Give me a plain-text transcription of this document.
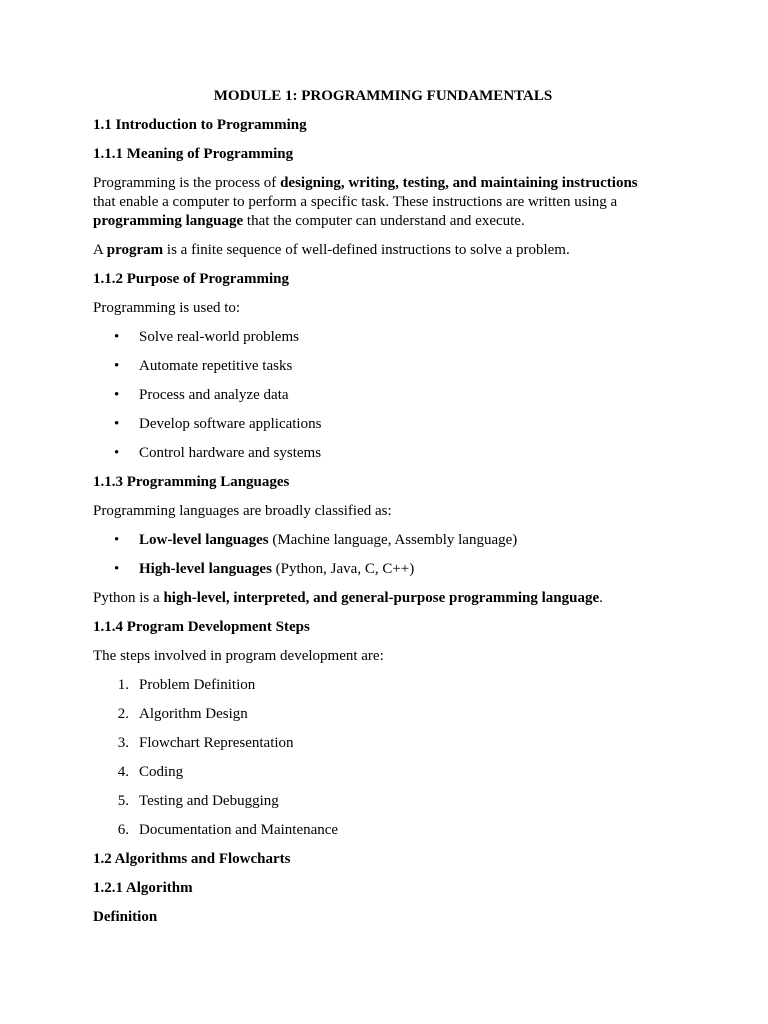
MODULE 1: PROGRAMMING FUNDAMENTALS
1.1 Introduction to Programming
1.1.1 Meaning of Programming
Programming is the process of designing, writing, testing, and maintaining instructions
that enable a computer to perform a specific task. These instructions are written using a
programming language that the computer can understand and execute.
A program is a finite sequence of well-defined instructions to solve a problem.
1.1.2 Purpose of Programming
Programming is used to:
• Solve real-world problems
• Automate repetitive tasks
• Process and analyze data
• Develop software applications
• Control hardware and systems
1.1.3 Programming Languages
Programming languages are broadly classified as:
• Low-level languages (Machine language, Assembly language)
• High-level languages (Python, Java, C, C++)
Python is a high-level, interpreted, and general-purpose programming language.
1.1.4 Program Development Steps
The steps involved in program development are:
1. Problem Definition
2. Algorithm Design
3. Flowchart Representation
4. Coding
5. Testing and Debugging
6. Documentation and Maintenance
1.2 Algorithms and Flowcharts
1.2.1 Algorithm
Definition
